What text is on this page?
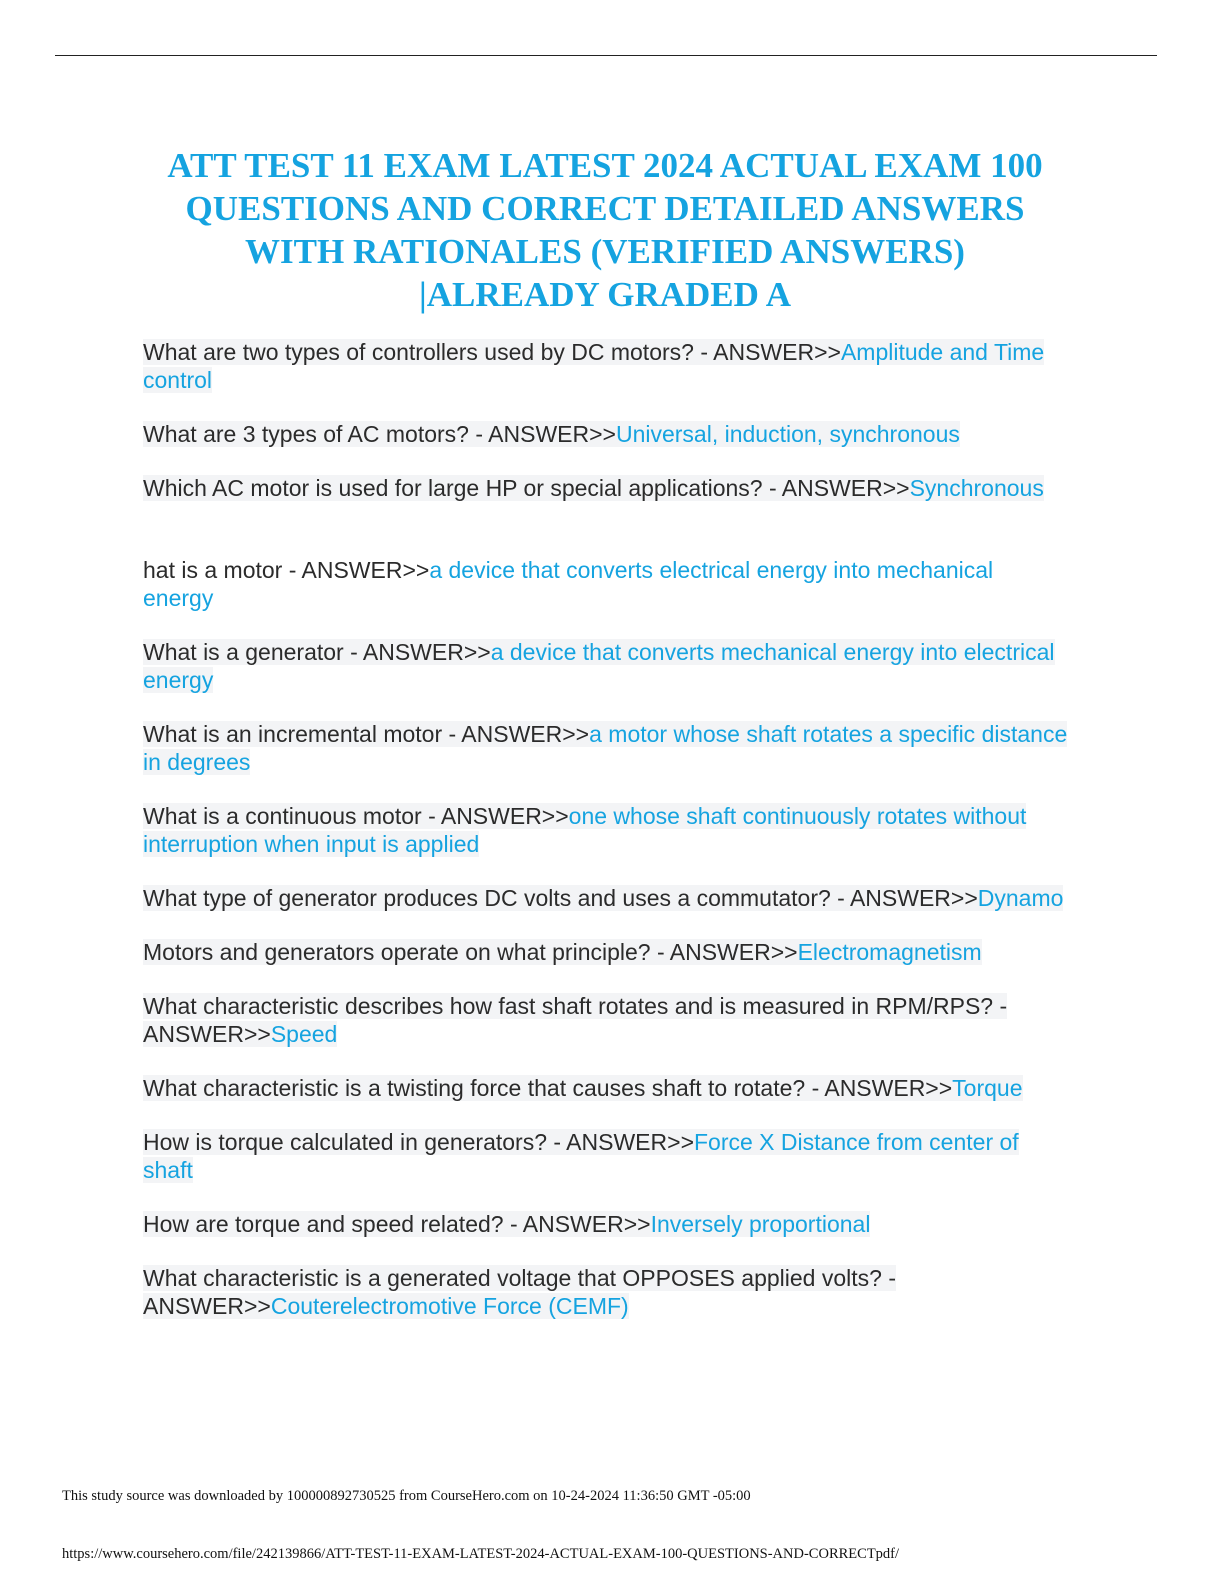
ATT TEST 11 EXAM LATEST 2024 ACTUAL EXAM 100
QUESTIONS AND CORRECT DETAILED ANSWERS
WITH RATIONALES (VERIFIED ANSWERS)
|ALREADY GRADED A

What are two types of controllers used by DC motors? - ANSWER>>Amplitude and Time control

What are 3 types of AC motors? - ANSWER>>Universal, induction, synchronous

Which AC motor is used for large HP or special applications? - ANSWER>>Synchronous

hat is a motor - ANSWER>>a device that converts electrical energy into mechanical energy

What is a generator - ANSWER>>a device that converts mechanical energy into electrical energy

What is an incremental motor - ANSWER>>a motor whose shaft rotates a specific distance in degrees

What is a continuous motor - ANSWER>>one whose shaft continuously rotates without interruption when input is applied

What type of generator produces DC volts and uses a commutator? - ANSWER>>Dynamo

Motors and generators operate on what principle? - ANSWER>>Electromagnetism

What characteristic describes how fast shaft rotates and is measured in RPM/RPS? - ANSWER>>Speed

What characteristic is a twisting force that causes shaft to rotate? - ANSWER>>Torque

How is torque calculated in generators? - ANSWER>>Force X Distance from center of shaft

How are torque and speed related? - ANSWER>>Inversely proportional

What characteristic is a generated voltage that OPPOSES applied volts? - ANSWER>>Couterelectromotive Force (CEMF)

This study source was downloaded by 100000892730525 from CourseHero.com on 10-24-2024 11:36:50 GMT -05:00
https://www.coursehero.com/file/242139866/ATT-TEST-11-EXAM-LATEST-2024-ACTUAL-EXAM-100-QUESTIONS-AND-CORRECTpdf/
